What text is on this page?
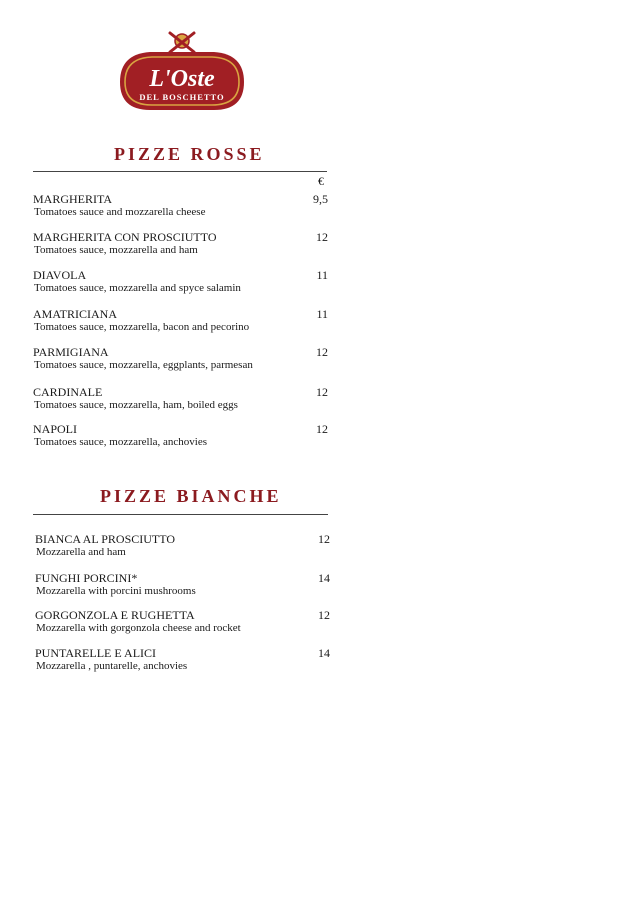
L'Oste
DEL BOSCHETTO
PIZZE ROSSE
€
MARGHERITA
Tomatoes sauce and mozzarella cheese
9,5
MARGHERITA CON PROSCIUTTO
Tomatoes sauce, mozzarella and ham
12
DIAVOLA
Tomatoes sauce, mozzarella and spyce salamin
11
AMATRICIANA
Tomatoes sauce, mozzarella, bacon and pecorino
11
PARMIGIANA
Tomatoes sauce, mozzarella, eggplants, parmesan
12
CARDINALE
Tomatoes sauce, mozzarella, ham, boiled eggs
12
NAPOLI
Tomatoes sauce, mozzarella, anchovies
12
PIZZE BIANCHE
BIANCA AL PROSCIUTTO
Mozzarella and ham
12
FUNGHI PORCINI*
Mozzarella with porcini mushrooms
14
GORGONZOLA E RUGHETTA
Mozzarella with gorgonzola cheese and rocket
12
PUNTARELLE E ALICI
Mozzarella , puntarelle, anchovies
14
